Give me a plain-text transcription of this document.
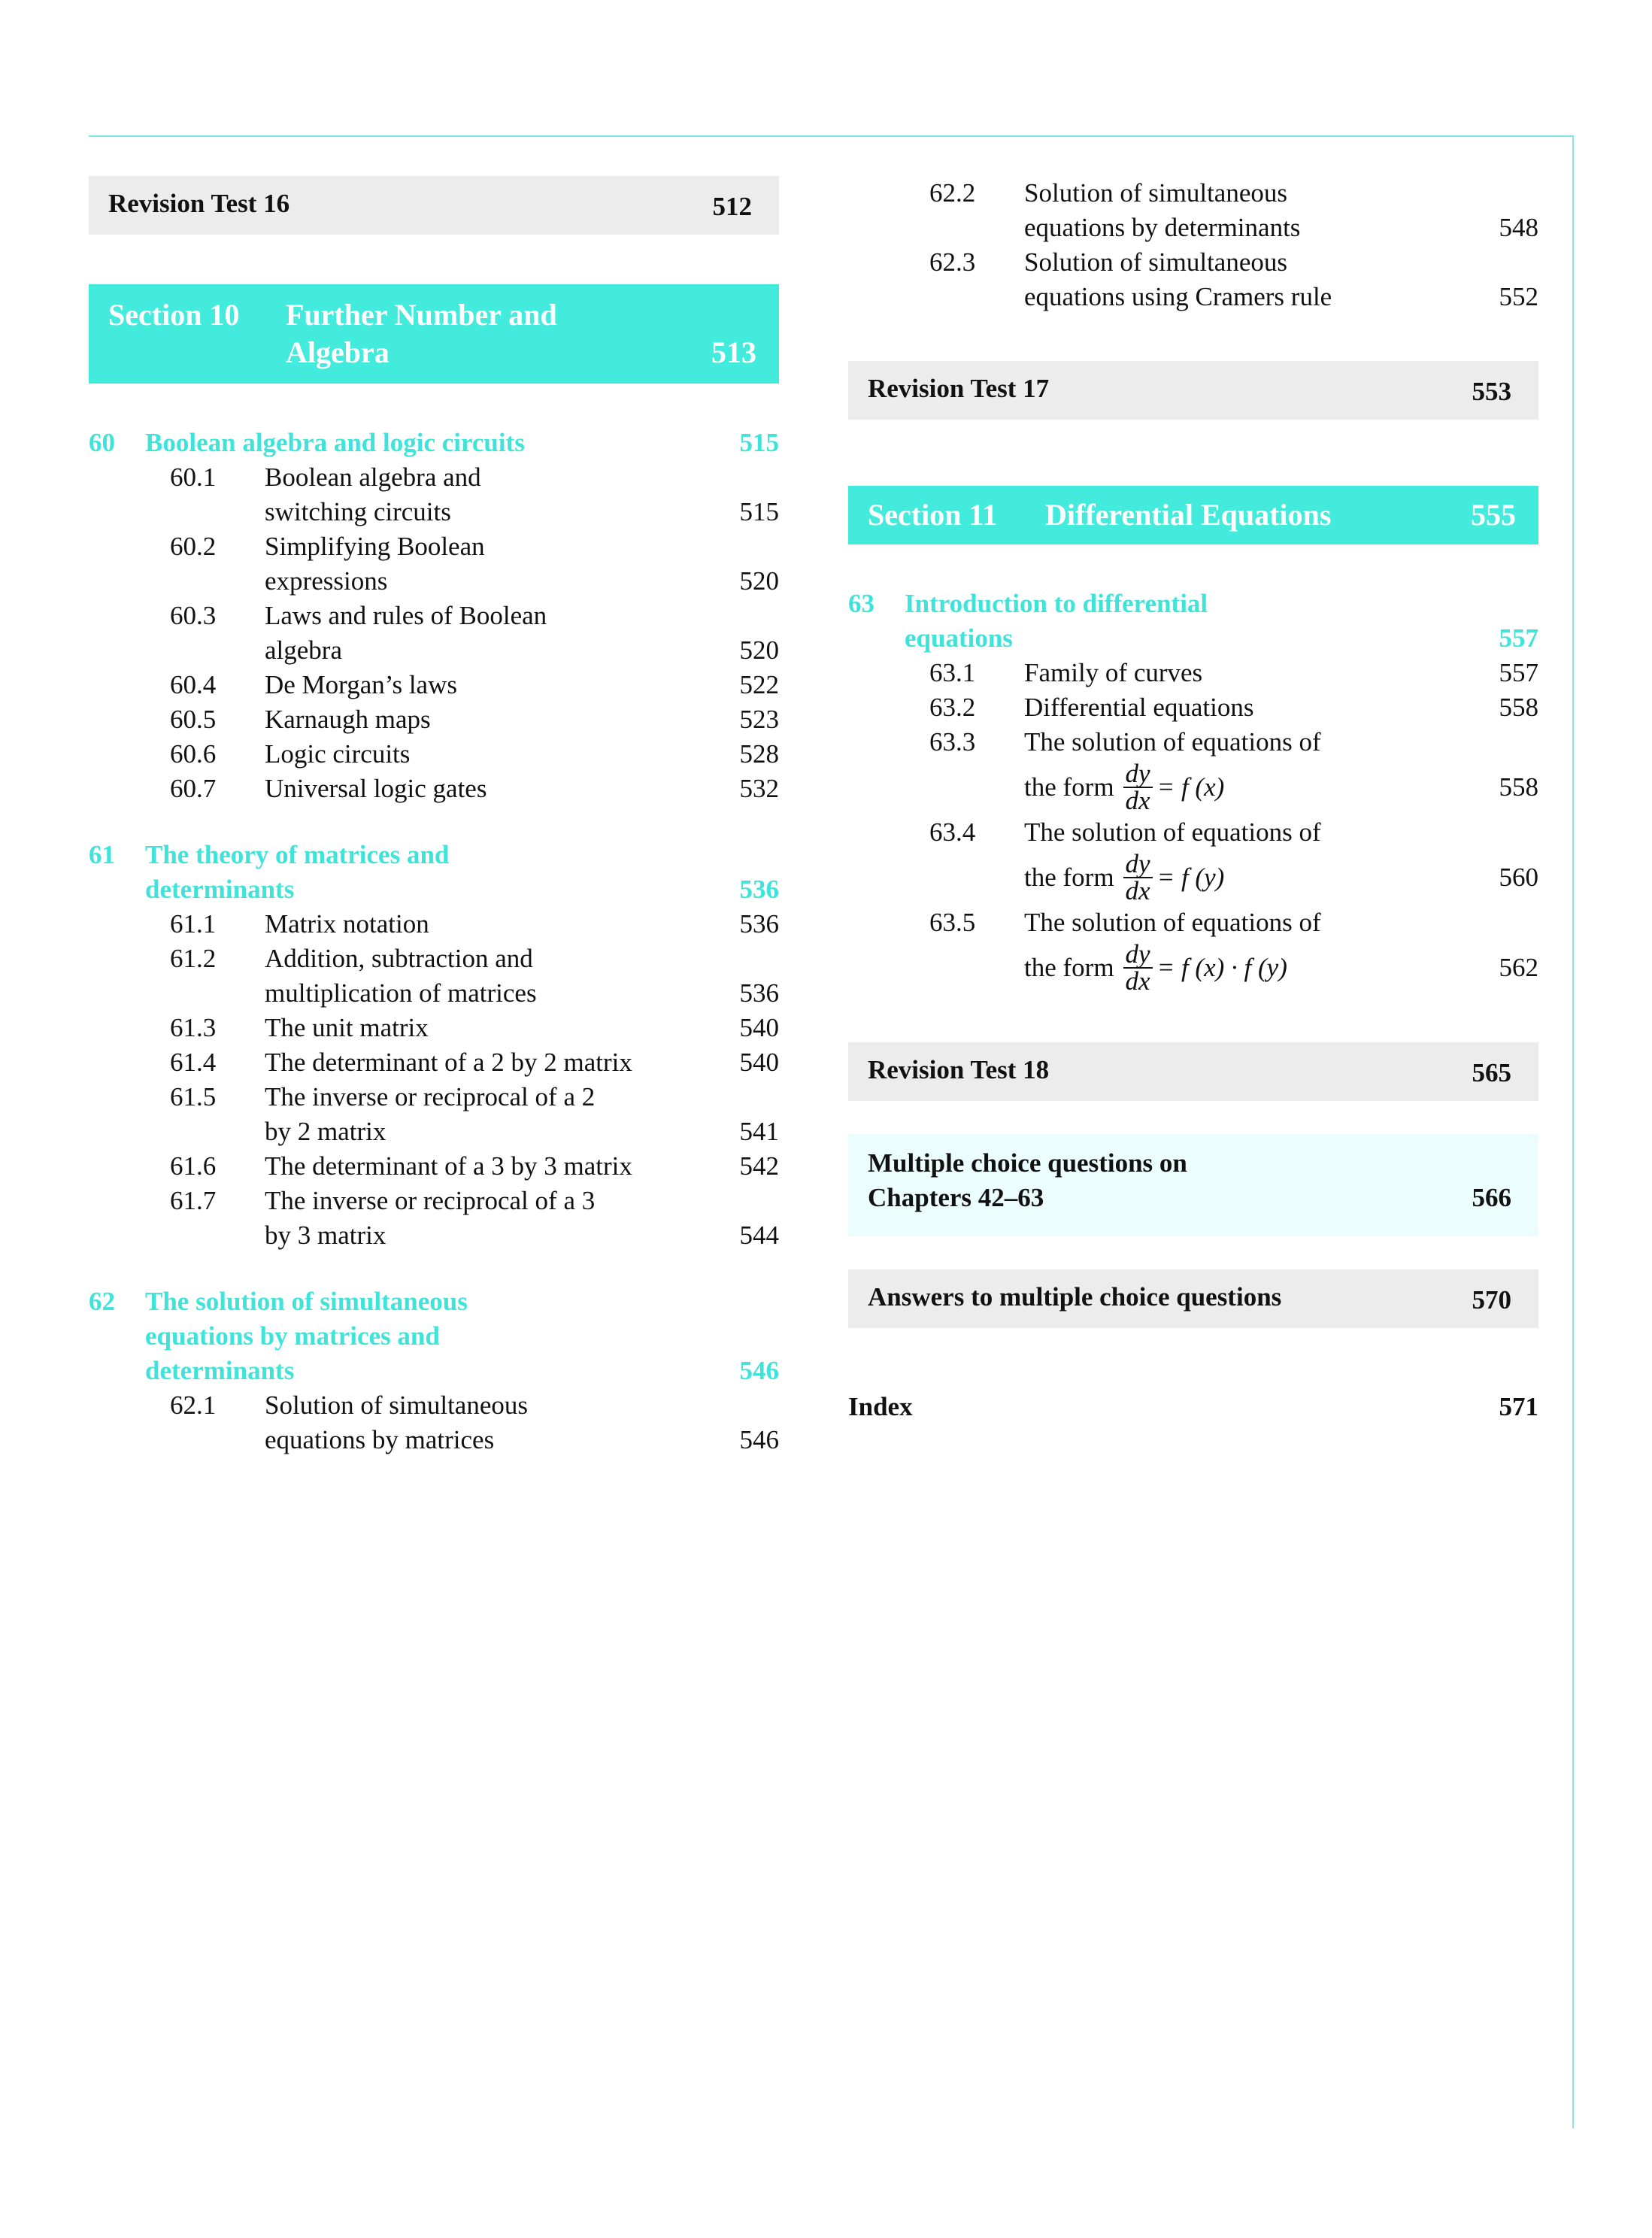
Revision Test 16	512
Section 10 Further Number and Algebra	513
60 Boolean algebra and logic circuits	515
60.1 Boolean algebra and switching circuits	515
60.2 Simplifying Boolean expressions	520
60.3 Laws and rules of Boolean algebra	520
60.4 De Morgan’s laws	522
60.5 Karnaugh maps	523
60.6 Logic circuits	528
60.7 Universal logic gates	532
61 The theory of matrices and determinants	536
61.1 Matrix notation	536
61.2 Addition, subtraction and multiplication of matrices	536
61.3 The unit matrix	540
61.4 The determinant of a 2 by 2 matrix	540
61.5 The inverse or reciprocal of a 2 by 2 matrix	541
61.6 The determinant of a 3 by 3 matrix	542
61.7 The inverse or reciprocal of a 3 by 3 matrix	544
62 The solution of simultaneous equations by matrices and determinants	546
62.1 Solution of simultaneous equations by matrices	546
62.2 Solution of simultaneous equations by determinants	548
62.3 Solution of simultaneous equations using Cramers rule	552
Revision Test 17	553
Section 11 Differential Equations	555
63 Introduction to differential equations	557
63.1 Family of curves	557
63.2 Differential equations	558
63.3 The solution of equations of
the form $\frac{dy}{dx} = f$ (x)	558
63.4 The solution of equations of
the form $\frac{dy}{dx} = f$ (y)	560
63.5 The solution of equations of
the form $\frac{dy}{dx} = f$ (x) · f (y)	562
Revision Test 18	565
Multiple choice questions on
Chapters 42–63	566
Answers to multiple choice questions	570
Index	571
